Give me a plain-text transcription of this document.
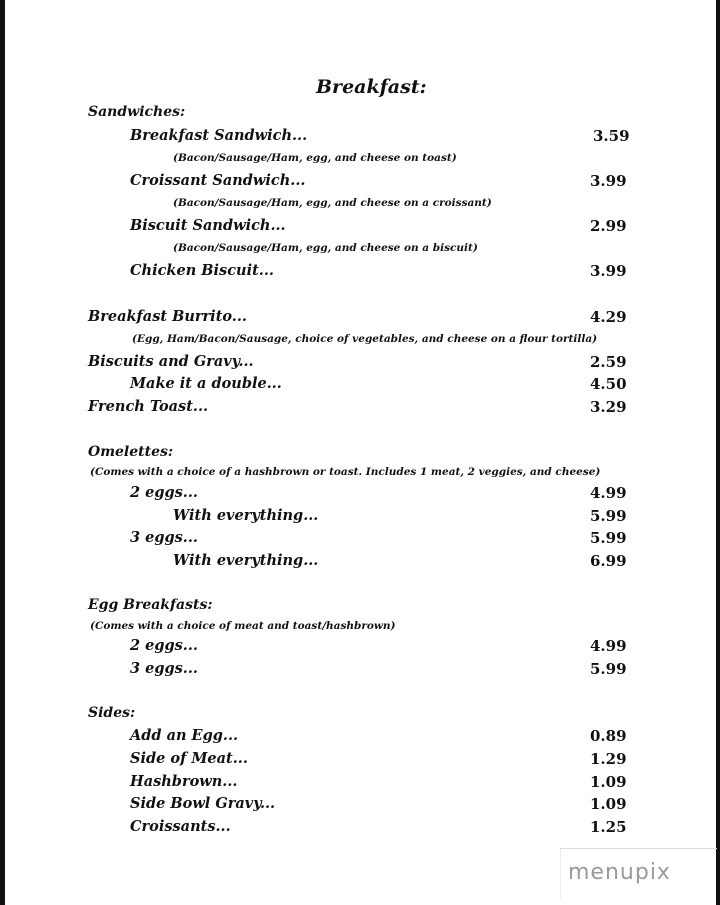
Breakfast:
Sandwiches:
Breakfast Sandwich...	3.59
(Bacon/Sausage/Ham, egg, and cheese on toast)
Croissant Sandwich...	3.99
(Bacon/Sausage/Ham, egg, and cheese on a croissant)
Biscuit Sandwich...	2.99
(Bacon/Sausage/Ham, egg, and cheese on a biscuit)
Chicken Biscuit...	3.99
Breakfast Burrito...	4.29
(Egg, Ham/Bacon/Sausage, choice of vegetables, and cheese on a flour tortilla)
Biscuits and Gravy...	2.59
Make it a double...	4.50
French Toast...	3.29
Omelettes:
(Comes with a choice of a hashbrown or toast. Includes 1 meat, 2 veggies, and cheese)
2 eggs...	4.99
With everything...	5.99
3 eggs...	5.99
With everything...	6.99
Egg Breakfasts:
(Comes with a choice of meat and toast/hashbrown)
2 eggs...	4.99
3 eggs...	5.99
Sides:
Add an Egg...	0.89
Side of Meat...	1.29
Hashbrown...	1.09
Side Bowl Gravy...	1.09
Croissants...	1.25
menupix
